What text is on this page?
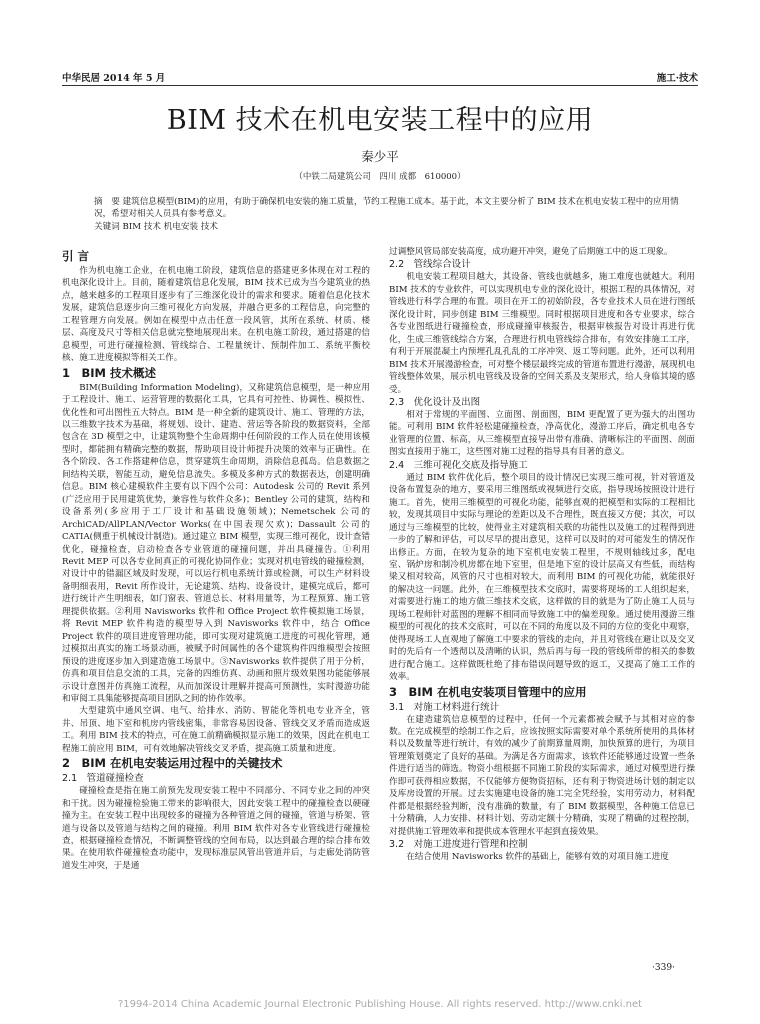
中华民居 2014 年 5 月	施工·技术
BIM 技术在机电安装工程中的应用
秦少平
（中铁二局建筑公司　四川 成都　610000）
摘　要 建筑信息模型(BIM)的应用，有助于确保机电安装的施工质量，节约工程施工成本。基于此，本文主要分析了 BIM 技术在机电安装工程中的应用情况，希望对相关人员具有参考意义。
关键词 BIM 技术 机电安装 技术
引 言

作为机电施工企业，在机电施工阶段，建筑信息的搭建更多体现在对工程的机电深化设计上。目前，随着建筑信息化发展，BIM 技术已成为当今建筑业的热点，越来越多的工程项目逐步有了三维深化设计的需求和要求。随着信息化技术发展，建筑信息逐步向三维可视化方向发展，并融合更多的工程信息，向完整的工程管理方向发展。例如在模型中点击任意一段风管，其所在系统、材质、楼层、高度及尺寸等相关信息就完整地展现出来。在机电施工阶段，通过搭建的信息模型，可进行碰撞检测、管线综合、工程量统计、预制件加工、系统平衡校核、施工进度模拟等相关工作。

1　BIM 技术概述

BIM(Building Information Modeling)，又称建筑信息模型，是一种应用于工程设计、施工、运营管理的数据化工具，它具有可控性、协调性、模拟性、优化性和可出图性五大特点。BIM 是一种全新的建筑设计、施工、管理的方法，以三维数字技术为基础，将规划、设计、建造、营运等各阶段的数据资料，全部包含在 3D 模型之中，让建筑物整个生命周期中任何阶段的工作人员在使用该模型时，都能拥有精确完整的数据，帮助项目设计师提升决策的效率与正确性。在各个阶段、各工作搭建种信息，贯穿建筑生命周期，消除信息孤岛。信息数据之间结构关联，智能互动，避免信息流失。多模及多种方式的数据表达，创建明确信息。BIM 核心建模软件主要有以下四个公司：Autodesk 公司的 Revit 系列(广泛应用于民用建筑优势，兼容性与软件众多)；Bentley 公司的建筑，结构和设备系列(多应用于工厂设计和基础设施领域)；Nemetschek 公司的 ArchiCAD/AllPLAN/Vector Works(在中国表现欠欢)；Dassault 公司的 CATIA(侧重于机械设计制造)。通过建立 BIM 模型，实现三维可视化，设计查错优化，碰撞检查，启动检查各专业管道的碰撞问题，并出具碰撞告。①利用 Revit MEP 可以各专业间真正的可视化协同作业；实现对机电管线的碰撞检测，对设计中的错漏区域及时发现，可以运行机电系统计算或检测，可以生产材料设备明细表用，Revit 所作设计，无论建筑、结构、设备设计，建模完成后，都可进行统计产生明细表，如门窗表、管道总长、材料用量等，为工程预算、施工管理提供依据。②利用 Navisworks 软件和 Office Project 软件模拟施工场景，将 Revit MEP 软件构造的模型导入到 Navisworks 软件中，结合 Office Project 软件的项目进度管理功能，即可实现对建筑施工进度的可视化管理，通过模拟出真实的施工场景动画，被赋予时间属性的各个建筑构件四维模型会按照预设的进度逐步加入到建造施工场景中。③Navisworks 软件提供了用于分析，仿真和项目信息交流的工具，完备的四维仿真、动画和照片级效果图功能能够展示设计意图并仿真施工流程，从而加深设计理解并提高可预测性，实时漫游功能和审阅工具集能够提高项目团队之间的协作效率。

大型建筑中通风空调、电气、给排水、消防、智能化等机电专业齐全，管井、吊顶、地下室和机房内管线密集，非常容易因设备、管线交叉矛盾而造成返工。利用 BIM 技术的特点，可在施工前精确模拟显示施工的效果，因此在机电工程施工前应用 BIM，可有效地解决管线交叉矛盾，提高施工质量和进度。

2　BIM 在机电安装运用过程中的关键技术
2.1　管道碰撞检查

碰撞检查是指在施工前预先发现安装工程中不同部分、不同专业之间的冲突和干扰。因为碰撞检验施工带来的影响很大，因此安装工程中的碰撞检查以硬碰撞为主。在安装工程中出现较多的碰撞为各种管道之间的碰撞，管道与桥架、管道与设备以及管道与结构之间的碰撞。利用 BIM 软件对各专业管线进行碰撞检查，根据碰撞检查情况，不断调整管线的空间布局，以达到最合理的综合排布效果。在使用软件碰撞检查功能中，发现标准层风管出管道并后，与走廊处消防管道发生冲突，于是通

过调整风管局部安装高度，成功避开冲突，避免了后期施工中的返工现象。

2.2　管线综合设计

机电安装工程项目越大，其设备、管线也就越多，施工难度也就越大。利用 BIM 技术的专业软件，可以实现机电专业的深化设计，根据工程的具体情况，对管线进行科学合理的布置。项目在开工的初始阶段，各专业技术人员在进行图纸深化设计时，同步创建 BIM 三维模型。同时根据项目进度和各专业要求，综合各专业图纸进行碰撞检查，形成碰撞审核报告，根据审核报告对设计再进行优化，生成三维管线综合方案，合理进行机电管线综合排布，有效安排施工工序，有利于开展混凝土内预埋孔乱孔乱的工序冲突、返工等问题。此外，还可以利用 BIM 技术开展漫游检查，可对整个楼层最终完成的管道布置进行漫游，展现机电管线整体效果，展示机电管线及设备的空间关系及支架形式，给人身临其境的感受。

2.3　优化设计及出图

相对于常规的平面图、立面图、剖面图，BIM 更配置了更为强大的出图功能。可利用 BIM 软件轻松建碰撞检查，净高优化，漫游工序后，确定机电各专业管理的位置、标高，从三维模型直接导出带有准确、清晰标注的平面图、剖面图实直接用于施工，这些图对施工过程的指导具有目著的意义。

2.4　三维可视化交底及指导施工

通过 BIM 软件优化后，整个项目的设计情况已实现三维可视，针对管道及设备布置复杂的地方，要采用三维图纸或视频进行交底，指导现场按照设计进行施工。首先，使用三维模型的可视化功能，能够直观的把模型和实际的工程相比较，发现其项目中实际与理论的差距以及不合理性，既直接又方便；其次，可以通过与三维模型的比较，使得业主对建筑相关联的功能性以及施工的过程得到进一步的了解和评估，可以尽早的提出意见，这样可以及时的对可能发生的情况作出修正。方面，在较为复杂的地下室机电安装工程里，不规则轴线过多，配电室、锅炉房和制冷机房都在地下室里，但是地下室的设计层高又有些低，而结构梁又相对较高，风管的尺寸也相对较大，而利用 BIM 的可视化功能，就能很好的解决这一问题。此外，在三维模型技术交底时，需要将现场的工人组织起来，对需要进行施工的地方做三维技术交底，这样做的目的就是为了防止施工人员与现场工程师针对蓝图的理解不相同而导致施工中的偏差现象。通过使用漫游三维模型的可视化的技术交底时，可以在不同的角度以及不同的方位的变化中观察，使得现场工人直观地了解施工中要求的管线的走向，并且对管线在避让以及交叉时的先后有一个透彻以及清晰的认识，然后再与每一段的管线所带的相关的参数进行配合施工。这样做既杜绝了排布错误问题导致的返工，又提高了施工工作的效率。

3　BIM 在机电安装项目管理中的应用
3.1　对施工材料进行统计

在建造建筑信息模型的过程中，任何一个元素都被会赋予与其相对应的参数。在完成模型的绘制工作之后，应该按照实际需要对单个系统所使用的具体材料以及数量等进行统计，有效的减少了前期算量周期，加快预算的进行，为项目管理策划奠定了良好的基础。为满足各方面需求，该软件还能够通过设置一些条件进行适当的筛选。物资小组根据不同施工阶段的实际需求，通过对模型进行操作即可获得相应数据，不仅能够方便物资招标，还有利于物资进场计划的制定以及库房设置的开展。过去实施建电设备的施工完全凭经验，实用劳动力，材料配件都是根据经验判断，没有准确的数量，有了 BIM 数据模型，各种施工信息已十分精确，人力安排、材料计划、劳动定额十分精确，实现了精确的过程控制，对提供施工管理效率和提供成本管理水平起到直接效果。

3.2　对施工进度进行管理和控制

在结合使用 Navisworks 软件的基础上，能够有效的对项目施工进度

·339·
?1994-2014 China Academic Journal Electronic Publishing House. All rights reserved. http://www.cnki.net
